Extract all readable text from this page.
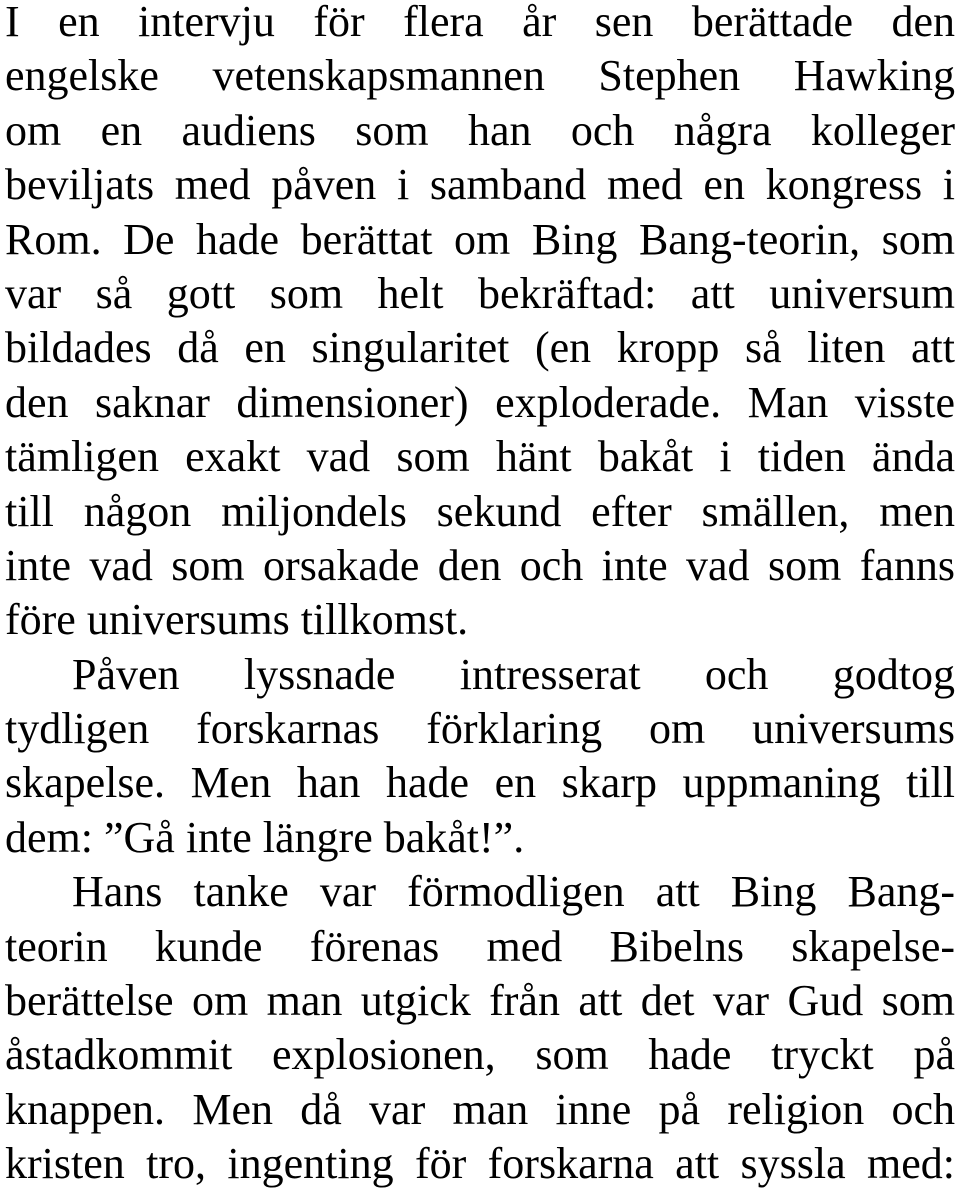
I en intervju för flera år sen berättade den
engelske vetenskapsmannen Stephen Hawking
om en audiens som han och några kolleger
beviljats med påven i samband med en kongress i
Rom. De hade berättat om Bing Bang-teorin, som
var så gott som helt bekräftad: att universum
bildades då en singularitet (en kropp så liten att
den saknar dimensioner) exploderade. Man visste
tämligen exakt vad som hänt bakåt i tiden ända
till någon miljondels sekund efter smällen, men
inte vad som orsakade den och inte vad som fanns
före universums tillkomst.
Påven lyssnade intresserat och godtog
tydligen forskarnas förklaring om universums
skapelse. Men han hade en skarp uppmaning till
dem: ”Gå inte längre bakåt!”.
Hans tanke var förmodligen att Bing Bang-
teorin kunde förenas med Bibelns skapelse-
berättelse om man utgick från att det var Gud som
åstadkommit explosionen, som hade tryckt på
knappen. Men då var man inne på religion och
kristen tro, ingenting för forskarna att syssla med:
